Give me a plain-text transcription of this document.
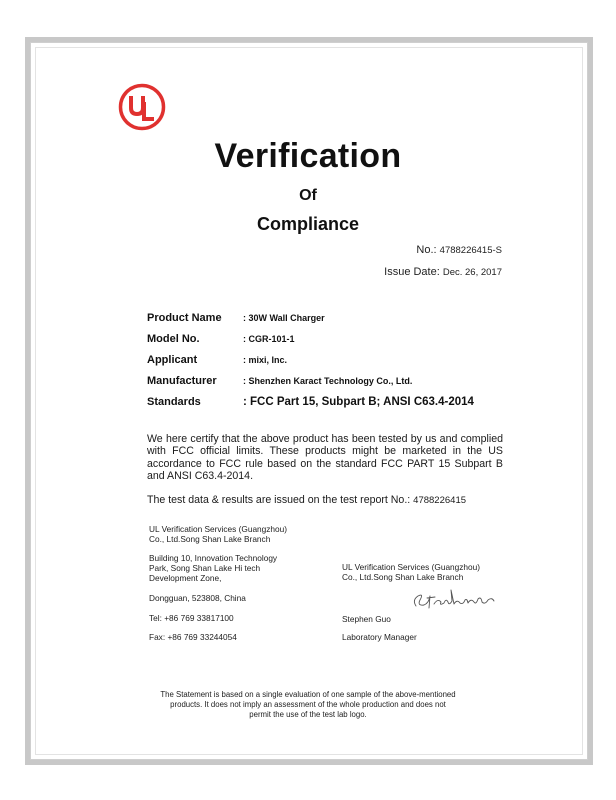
Verification
Of
Compliance
No.: 4788226415-S
Issue Date: Dec. 26, 2017
Product Name	: 30W Wall Charger
Model No.	: CGR-101-1
Applicant	: mixi, Inc.
Manufacturer	: Shenzhen Karact Technology Co., Ltd.
Standards	: FCC Part 15, Subpart B; ANSI C63.4-2014
We here certify that the above product has been tested by us and complied with FCC official limits. These products might be marketed in the US accordance to FCC rule based on the standard FCC PART 15 Subpart B and ANSI C63.4-2014.
The test data & results are issued on the test report No.: 4788226415
UL Verification Services (Guangzhou)
Co., Ltd.Song Shan Lake Branch
Building 10, Innovation Technology
Park, Song Shan Lake Hi tech
Development Zone,
Dongguan, 523808, China
Tel: +86 769 33817100
Fax: +86 769 33244054
UL Verification Services (Guangzhou)
Co., Ltd.Song Shan Lake Branch
Stephen Guo
Laboratory Manager
The Statement is based on a single evaluation of one sample of the above-mentioned
products. It does not imply an assessment of the whole production and does not
permit the use of the test lab logo.
